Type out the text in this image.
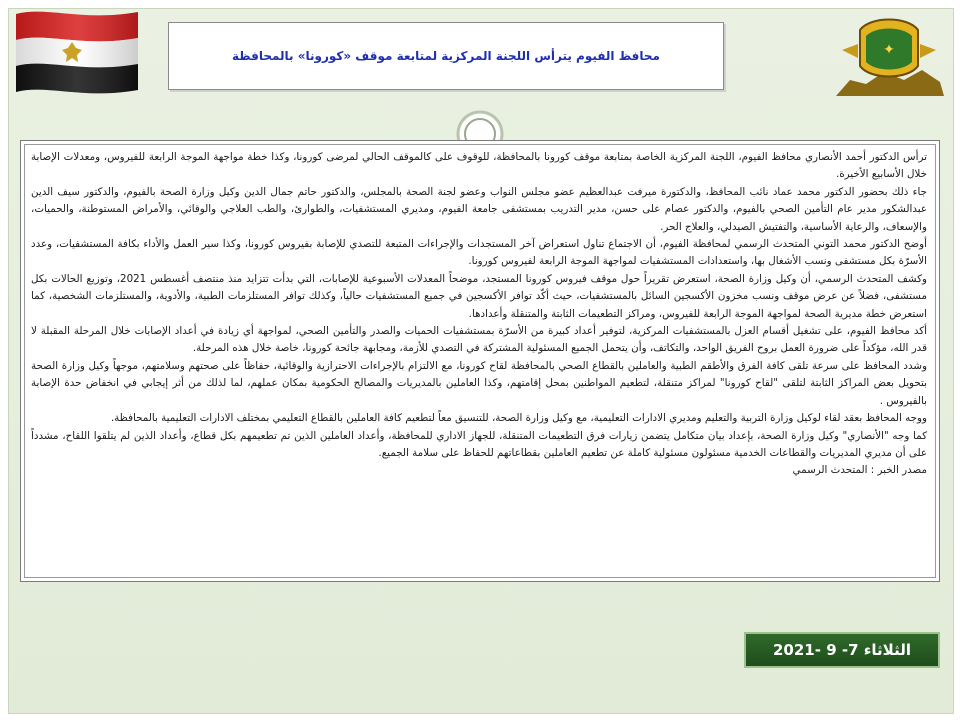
✦
محافظ الفيوم يترأس اللجنة المركزية لمتابعة موقف «كورونا» بالمحافظة

ترأس الدكتور أحمد الأنصاري محافظ الفيوم، اللجنة المركزية الخاصة بمتابعة موقف كورونا بالمحافظة، للوقوف على كالموقف الحالي لمرضى كورونا، وكذا خطة مواجهة الموجة الرابعة للفيروس، ومعدلات الإصابة خلال الأسابيع الأخيرة.

جاء ذلك بحضور الدكتور محمد عماد نائب المحافظ، والدكتورة ميرفت عبدالعظيم عضو مجلس النواب وعضو لجنة الصحة بالمجلس، والدكتور حاتم جمال الدين وكيل وزارة الصحة بالفيوم، والدكتور سيف الدين عبدالشكور مدير عام التأمين الصحي بالفيوم، والدكتور عصام على حسن، مدير التدريب بمستشفى جامعة الفيوم، ومديري المستشفيات، والطوارئ، والطب العلاجي والوقائي، والأمراض المستوطنة، والحميات، والإسعاف، والرعاية الأساسية، والتفتيش الصيدلي، والعلاج الحر.

أوضح الدكتور محمد التوني المتحدث الرسمي لمحافظة الفيوم، أن الاجتماع تناول استعراض آخر المستجدات والإجراءات المتبعة للتصدي للإصابة بفيروس كورونا، وكذا سير العمل والأداء بكافة المستشفيات، وعدد الأسرّة بكل مستشفى ونسب الأشغال بها، واستعدادات المستشفيات لمواجهة الموجة الرابعة لفيروس كورونا.

وكشف المتحدث الرسمي، أن وكيل وزارة الصحة، استعرض تقريراً حول موقف فيروس كورونا المستجد، موضحاً المعدلات الأسبوعية للإصابات، التي بدأت تتزايد منذ منتصف أغسطس 2021، وتوزيع الحالات بكل مستشفى، فضلاً عن عرض موقف ونسب مخزون الأكسجين السائل بالمستشفيات، حيث أكّد توافر الأكسجين في جميع المستشفيات حالياً، وكذلك توافر المستلزمات الطبية، والأدوية، والمستلزمات الشخصية، كما استعرض خطة مديرية الصحة لمواجهة الموجة الرابعة للفيروس، ومراكز التطعيمات الثابتة والمتنقلة وأعدادها.

أكد محافظ الفيوم، على تشغيل أقسام العزل بالمستشفيات المركزية، لتوفير أعداد كبيرة من الأسرّة بمستشفيات الحميات والصدر والتأمين الصحي، لمواجهة أي زيادة في أعداد الإصابات خلال المرحلة المقبلة لا قدر الله، مؤكداً على ضرورة العمل بروح الفريق الواحد، والتكاتف، وأن يتحمل الجميع المسئولية المشتركة في التصدي للأزمة، ومجابهة جائحة كورونا، خاصة خلال هذه المرحلة.

وشدد المحافظ على سرعة تلقى كافة الفرق والأطقم الطبية والعاملين بالقطاع الصحي بالمحافظة لقاح كورونا، مع الالتزام بالإجراءات الاحترازية والوقائية، حفاظاً على صحتهم وسلامتهم، موجهاً وكيل وزارة الصحة بتحويل بعض المراكز الثابتة لتلقى "لقاح كورونا" لمراكز متنقلة، لتطعيم المواطنين بمحل إقامتهم، وكذا العاملين بالمديريات والمصالح الحكومية بمكان عملهم، لما لذلك من أثر إيجابي في انخفاض حدة الإصابة بالفيروس .

ووجه المحافظ بعقد لقاء لوكيل وزارة التربية والتعليم ومديري الادارات التعليمية، مع وكيل وزارة الصحة، للتنسيق معاً لتطعيم كافة العاملين بالقطاع التعليمي بمختلف الادارات التعليمية بالمحافظة.

كما وجه "الأنصاري" وكيل وزارة الصحة، بإعداد بيان متكامل يتضمن زيارات فرق التطعيمات المتنقلة، للجهاز الاداري للمحافظة، وأعداد العاملين الذين تم تطعيمهم بكل قطاع، وأعداد الذين لم يتلقوا اللقاح، مشدداً على أن مديري المديريات والقطاعات الخدمية مسئولون مسئولية كاملة عن تطعيم العاملين بقطاعاتهم للحفاظ على سلامة الجميع.

مصدر الخبر : المتحدث الرسمي

الثلاثاء 7- 9 -2021
